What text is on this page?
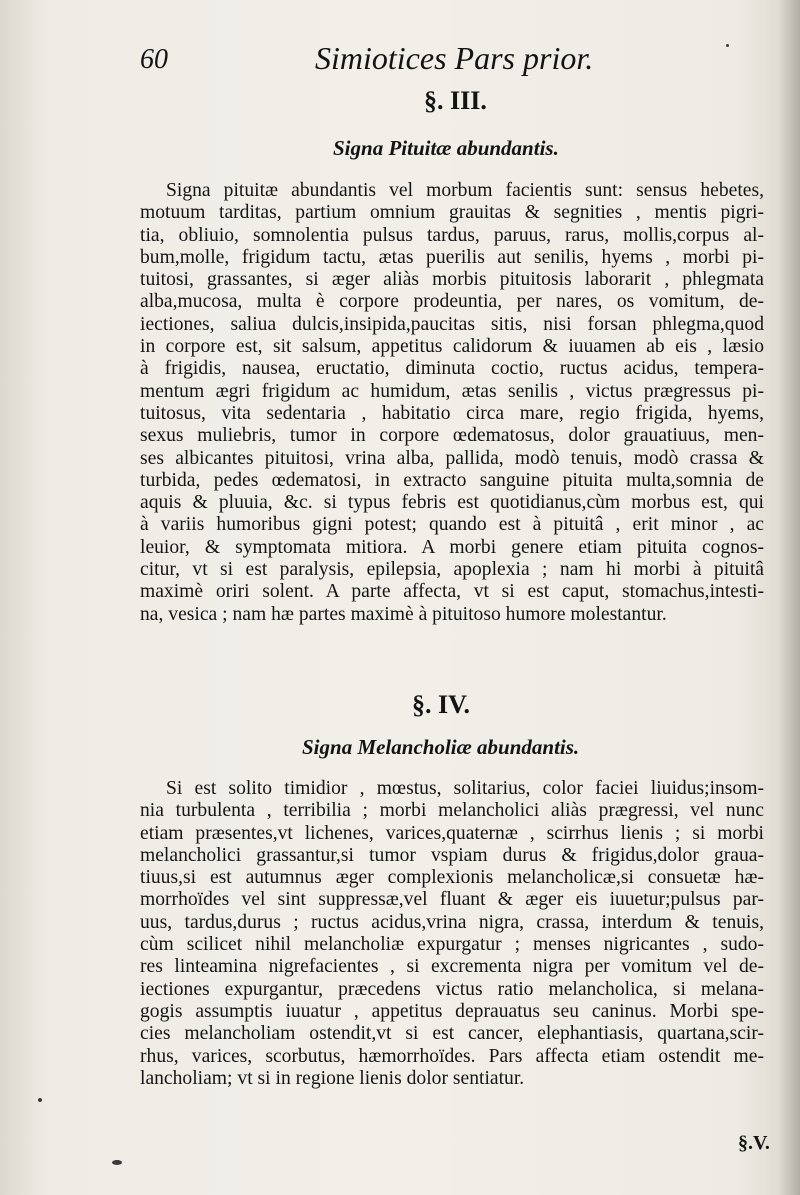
60	Simiotices Pars prior.
§. III.
Signa Pituitæ abundantis.
Signa pituitæ abundantis vel morbum facientis sunt: sensus hebetes,
motuum tarditas, partium omnium grauitas & segnities , mentis pigri-
tia, obliuio, somnolentia pulsus tardus, paruus, rarus, mollis,corpus al-
bum,molle, frigidum tactu, ætas puerilis aut senilis, hyems , morbi pi-
tuitosi, grassantes, si æger aliàs morbis pituitosis laborarit , phlegmata
alba,mucosa, multa è corpore prodeuntia, per nares, os vomitum, de-
iectiones, saliua dulcis,insipida,paucitas sitis, nisi forsan phlegma,quod
in corpore est, sit salsum, appetitus calidorum & iuuamen ab eis , læsio
à frigidis, nausea, eructatio, diminuta coctio, ructus acidus, tempera-
mentum ægri frigidum ac humidum, ætas senilis , victus prægressus pi-
tuitosus, vita sedentaria , habitatio circa mare, regio frigida, hyems,
sexus muliebris, tumor in corpore œdematosus, dolor grauatiuus, men-
ses albicantes pituitosi, vrina alba, pallida, modò tenuis, modò crassa &
turbida, pedes œdematosi, in extracto sanguine pituita multa,somnia de
aquis & pluuia, &c. si typus febris est quotidianus,cùm morbus est, qui
à variis humoribus gigni potest; quando est à pituitâ , erit minor , ac
leuior, & symptomata mitiora. A morbi genere etiam pituita cognos-
citur, vt si est paralysis, epilepsia, apoplexia ; nam hi morbi à pituitâ
maximè oriri solent. A parte affecta, vt si est caput, stomachus,intesti-
na, vesica ; nam hæ partes maximè à pituitoso humore molestantur.
§. IV.
Signa Melancholiæ abundantis.
Si est solito timidior , mœstus, solitarius, color faciei liuidus;insom-
nia turbulenta , terribilia ; morbi melancholici aliàs prægressi, vel nunc
etiam præsentes,vt lichenes, varices,quaternæ , scirrhus lienis ; si morbi
melancholici grassantur,si tumor vspiam durus & frigidus,dolor graua-
tiuus,si est autumnus æger complexionis melancholicæ,si consuetæ hæ-
morrhoïdes vel sint suppressæ,vel fluant & æger eis iuuetur;pulsus par-
uus, tardus,durus ; ructus acidus,vrina nigra, crassa, interdum & tenuis,
cùm scilicet nihil melancholiæ expurgatur ; menses nigricantes , sudo-
res linteamina nigrefacientes , si excrementa nigra per vomitum vel de-
iectiones expurgantur, præcedens victus ratio melancholica, si melana-
gogis assumptis iuuatur , appetitus deprauatus seu caninus. Morbi spe-
cies melancholiam ostendit,vt si est cancer, elephantiasis, quartana,scir-
rhus, varices, scorbutus, hæmorrhoïdes. Pars affecta etiam ostendit me-
lancholiam; vt si in regione lienis dolor sentiatur.
§.V.
